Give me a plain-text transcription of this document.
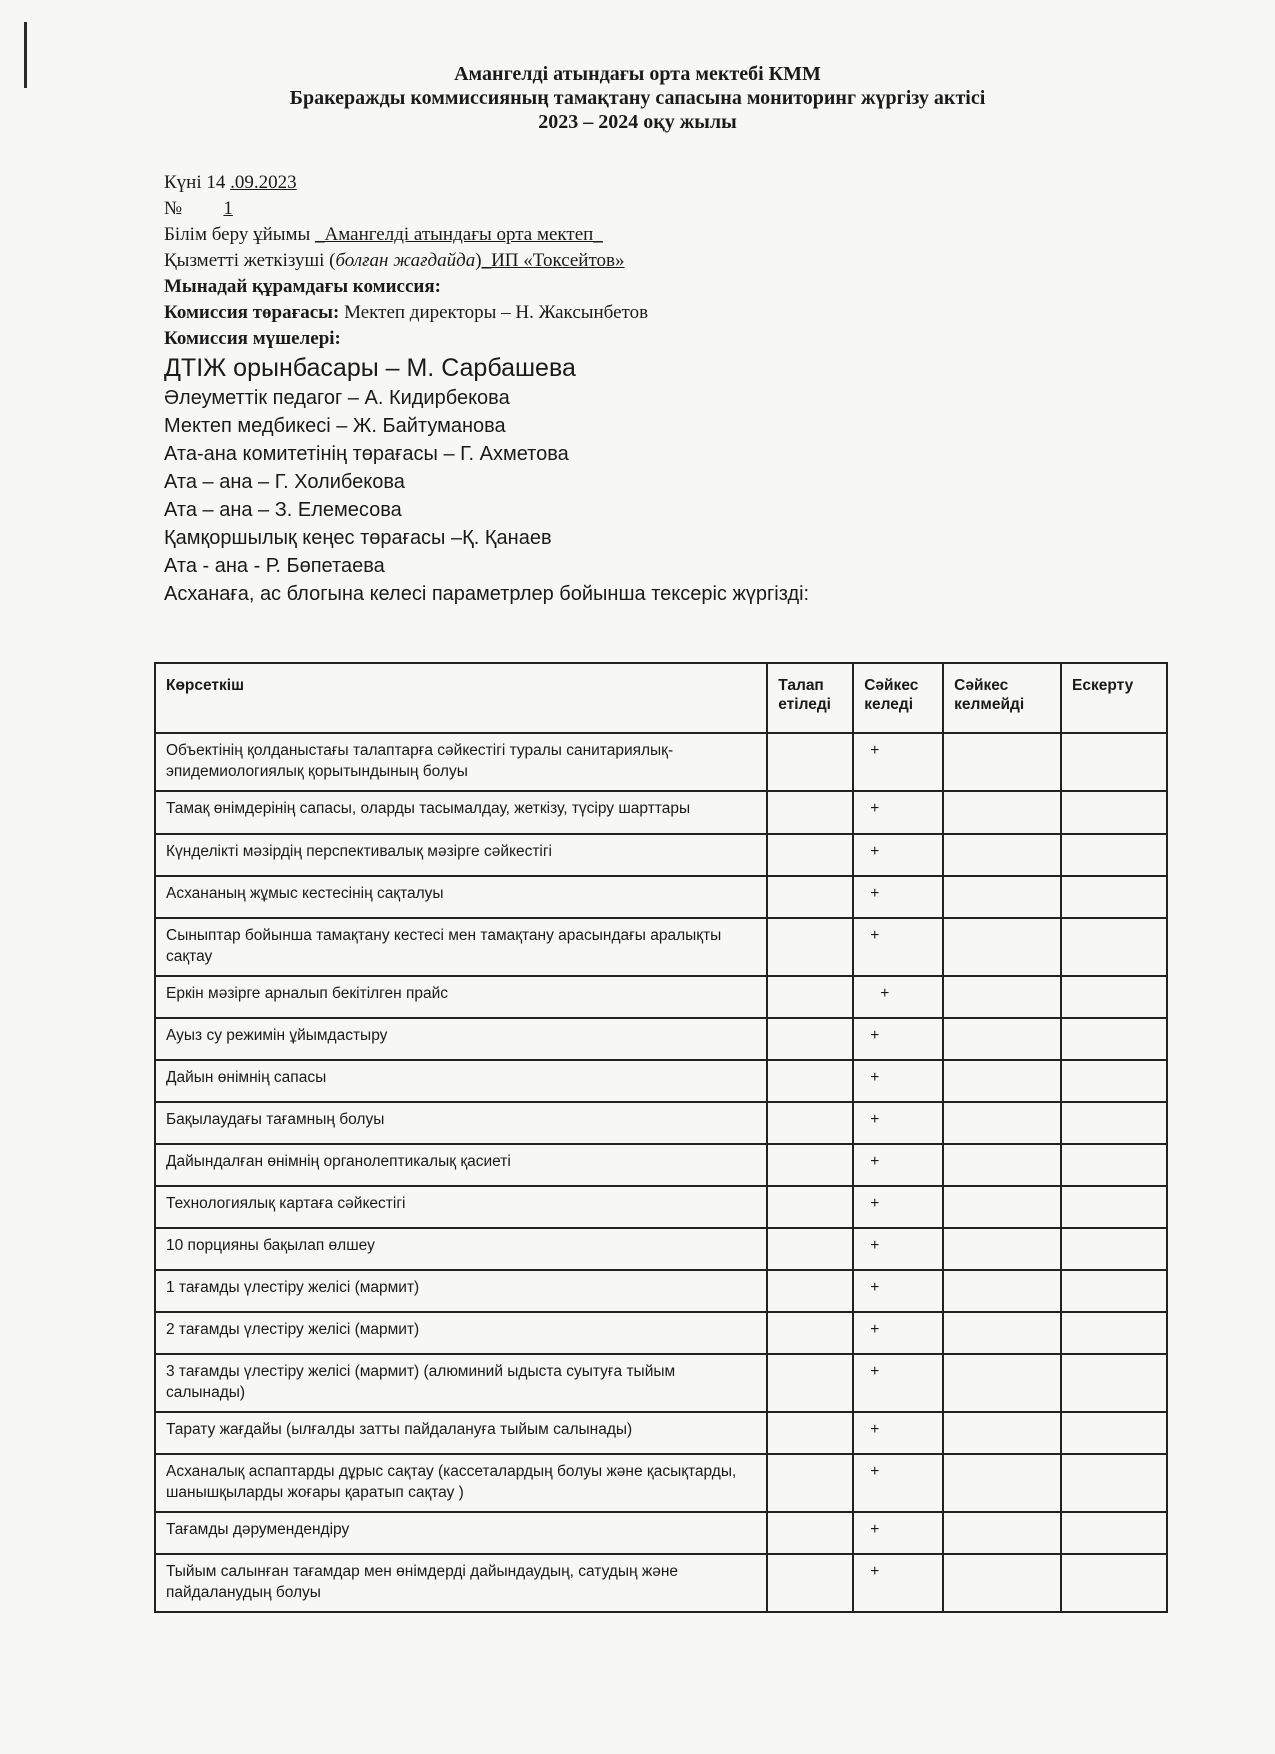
Амангелді атындағы орта мектебі КММ
Бракеражды коммиссияның тамақтану сапасына мониторинг жүргізу актісі
2023 – 2024 оқу жылы
Күні 14 .09.2023
№ 1
Білім беру ұйымы _Амангелді атындағы орта мектеп_
Қызметті жеткізуші (болған жағдайда)_ИП «Токсейтов»
Мынадай құрамдағы комиссия:
Комиссия төрағасы: Мектеп директоры – Н. Жаксынбетов
Комиссия мүшелері:
ДТІЖ орынбасары – М. Сарбашева
Әлеуметтік педагог – А. Кидирбекова
Мектеп медбикесі – Ж. Байтуманова
Ата-ана комитетінің төрағасы – Г. Ахметова
Ата – ана – Г. Холибекова
Ата – ана – З. Елемесова
Қамқоршылық кеңес төрағасы –Қ. Қанаев
Ата - ана - Р. Бөпетаева
Асханаға, ас блогына келесі параметрлер бойынша тексеріс жүргізді:
Көрсеткіш	Талап етіледі	Сәйкес келеді	Сәйкес келмейді	Ескерту
Объектінің қолданыстағы талаптарға сәйкестігі туралы санитариялық-эпидемиологиялық қорытындының болуы		+		
Тамақ өнімдерінің сапасы, оларды тасымалдау, жеткізу, түсіру шарттары		+		
Күнделікті мәзірдің перспективалық мәзірге сәйкестігі		+		
Асхананың жұмыс кестесінің сақталуы		+		
Сыныптар бойынша тамақтану кестесі мен тамақтану арасындағы аралықты сақтау		+		
Еркін мәзірге арналып бекітілген прайс		+		
Ауыз су режимін ұйымдастыру		+		
Дайын өнімнің сапасы		+		
Бақылаудағы тағамның болуы		+		
Дайындалған өнімнің органолептикалық қасиеті		+		
Технологиялық картаға сәйкестігі		+		
10 порцияны бақылап өлшеу		+		
1 тағамды үлестіру желісі (мармит)		+		
2 тағамды үлестіру желісі (мармит)		+		
3 тағамды үлестіру желісі (мармит) (алюминий ыдыста суытуға тыйым салынады)		+		
Тарату жағдайы (ылғалды затты пайдалануға тыйым салынады)		+		
Асханалық аспаптарды дұрыс сақтау (кассеталардың болуы және қасықтарды, шанышқыларды жоғары қаратып сақтау )		+		
Тағамды дәрумендендіру		+		
Тыйым салынған тағамдар мен өнімдерді дайындаудың, сатудың және пайдаланудың болуы		+		
